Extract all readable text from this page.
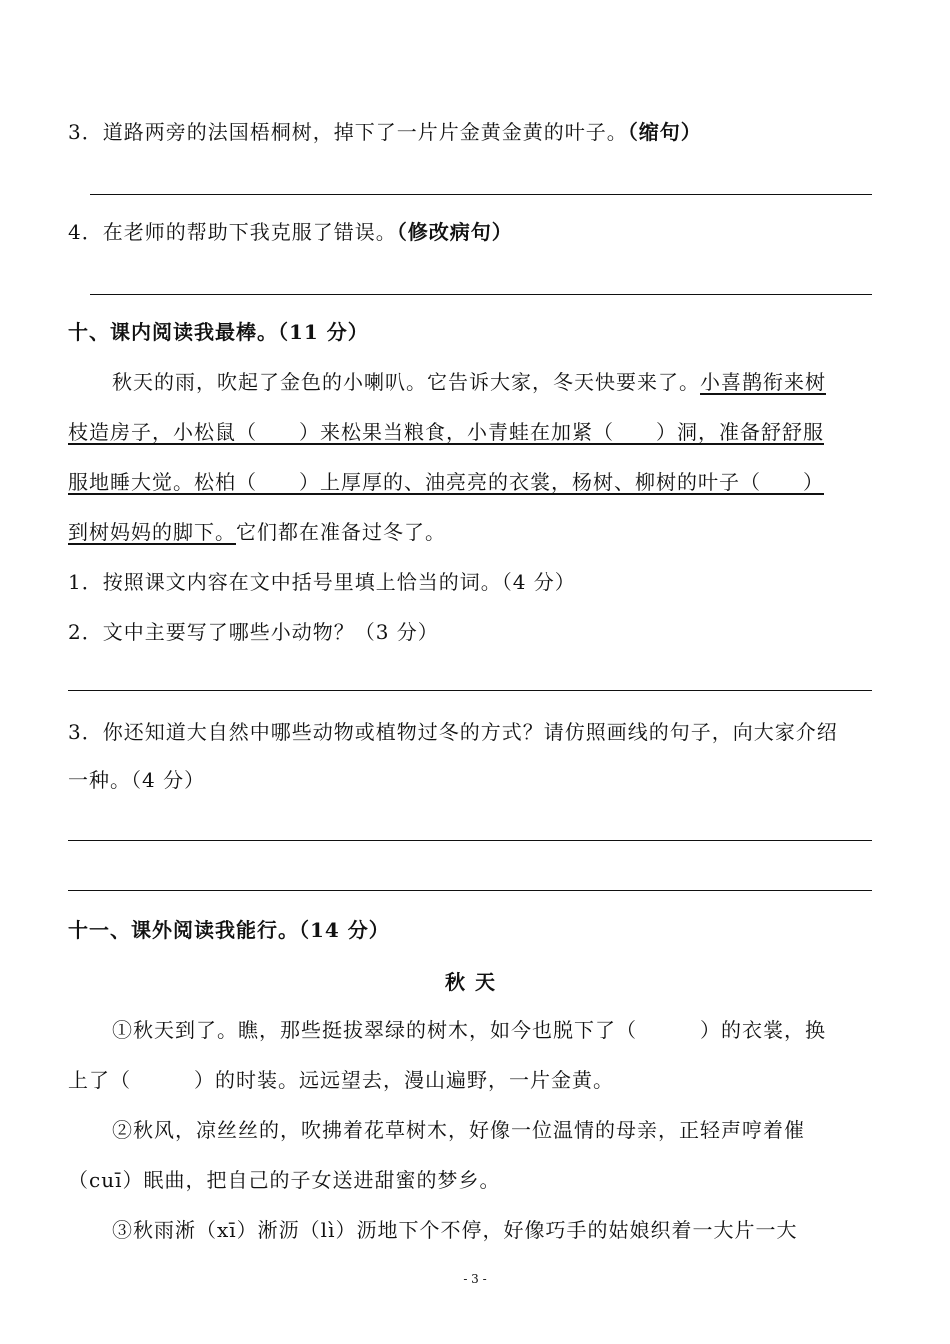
3．道路两旁的法国梧桐树，掉下了一片片金黄金黄的叶子。（缩句）
4．在老师的帮助下我克服了错误。（修改病句）
十、课内阅读我最棒。（11 分）
秋天的雨，吹起了金色的小喇叭。它告诉大家，冬天快要来了。小喜鹊衔来树
枝造房子，小松鼠（　　）来松果当粮食，小青蛙在加紧（　　）洞，准备舒舒服
服地睡大觉。松柏（　　）上厚厚的、油亮亮的衣裳，杨树、柳树的叶子（　　）
到树妈妈的脚下。它们都在准备过冬了。
1．按照课文内容在文中括号里填上恰当的词。（4 分）
2．文中主要写了哪些小动物？（3 分）
3．你还知道大自然中哪些动物或植物过冬的方式？请仿照画线的句子，向大家介绍
一种。（4 分）
十一、课外阅读我能行。（14 分）
秋天
①秋天到了。瞧，那些挺拔翠绿的树木，如今也脱下了（　　　）的衣裳，换
上了（　　　）的时装。远远望去，漫山遍野，一片金黄。
②秋风，凉丝丝的，吹拂着花草树木，好像一位温情的母亲，正轻声哼着催
（cuī）眠曲，把自己的子女送进甜蜜的梦乡。
③秋雨淅（xī）淅沥（lì）沥地下个不停，好像巧手的姑娘织着一大片一大
- 3 -
